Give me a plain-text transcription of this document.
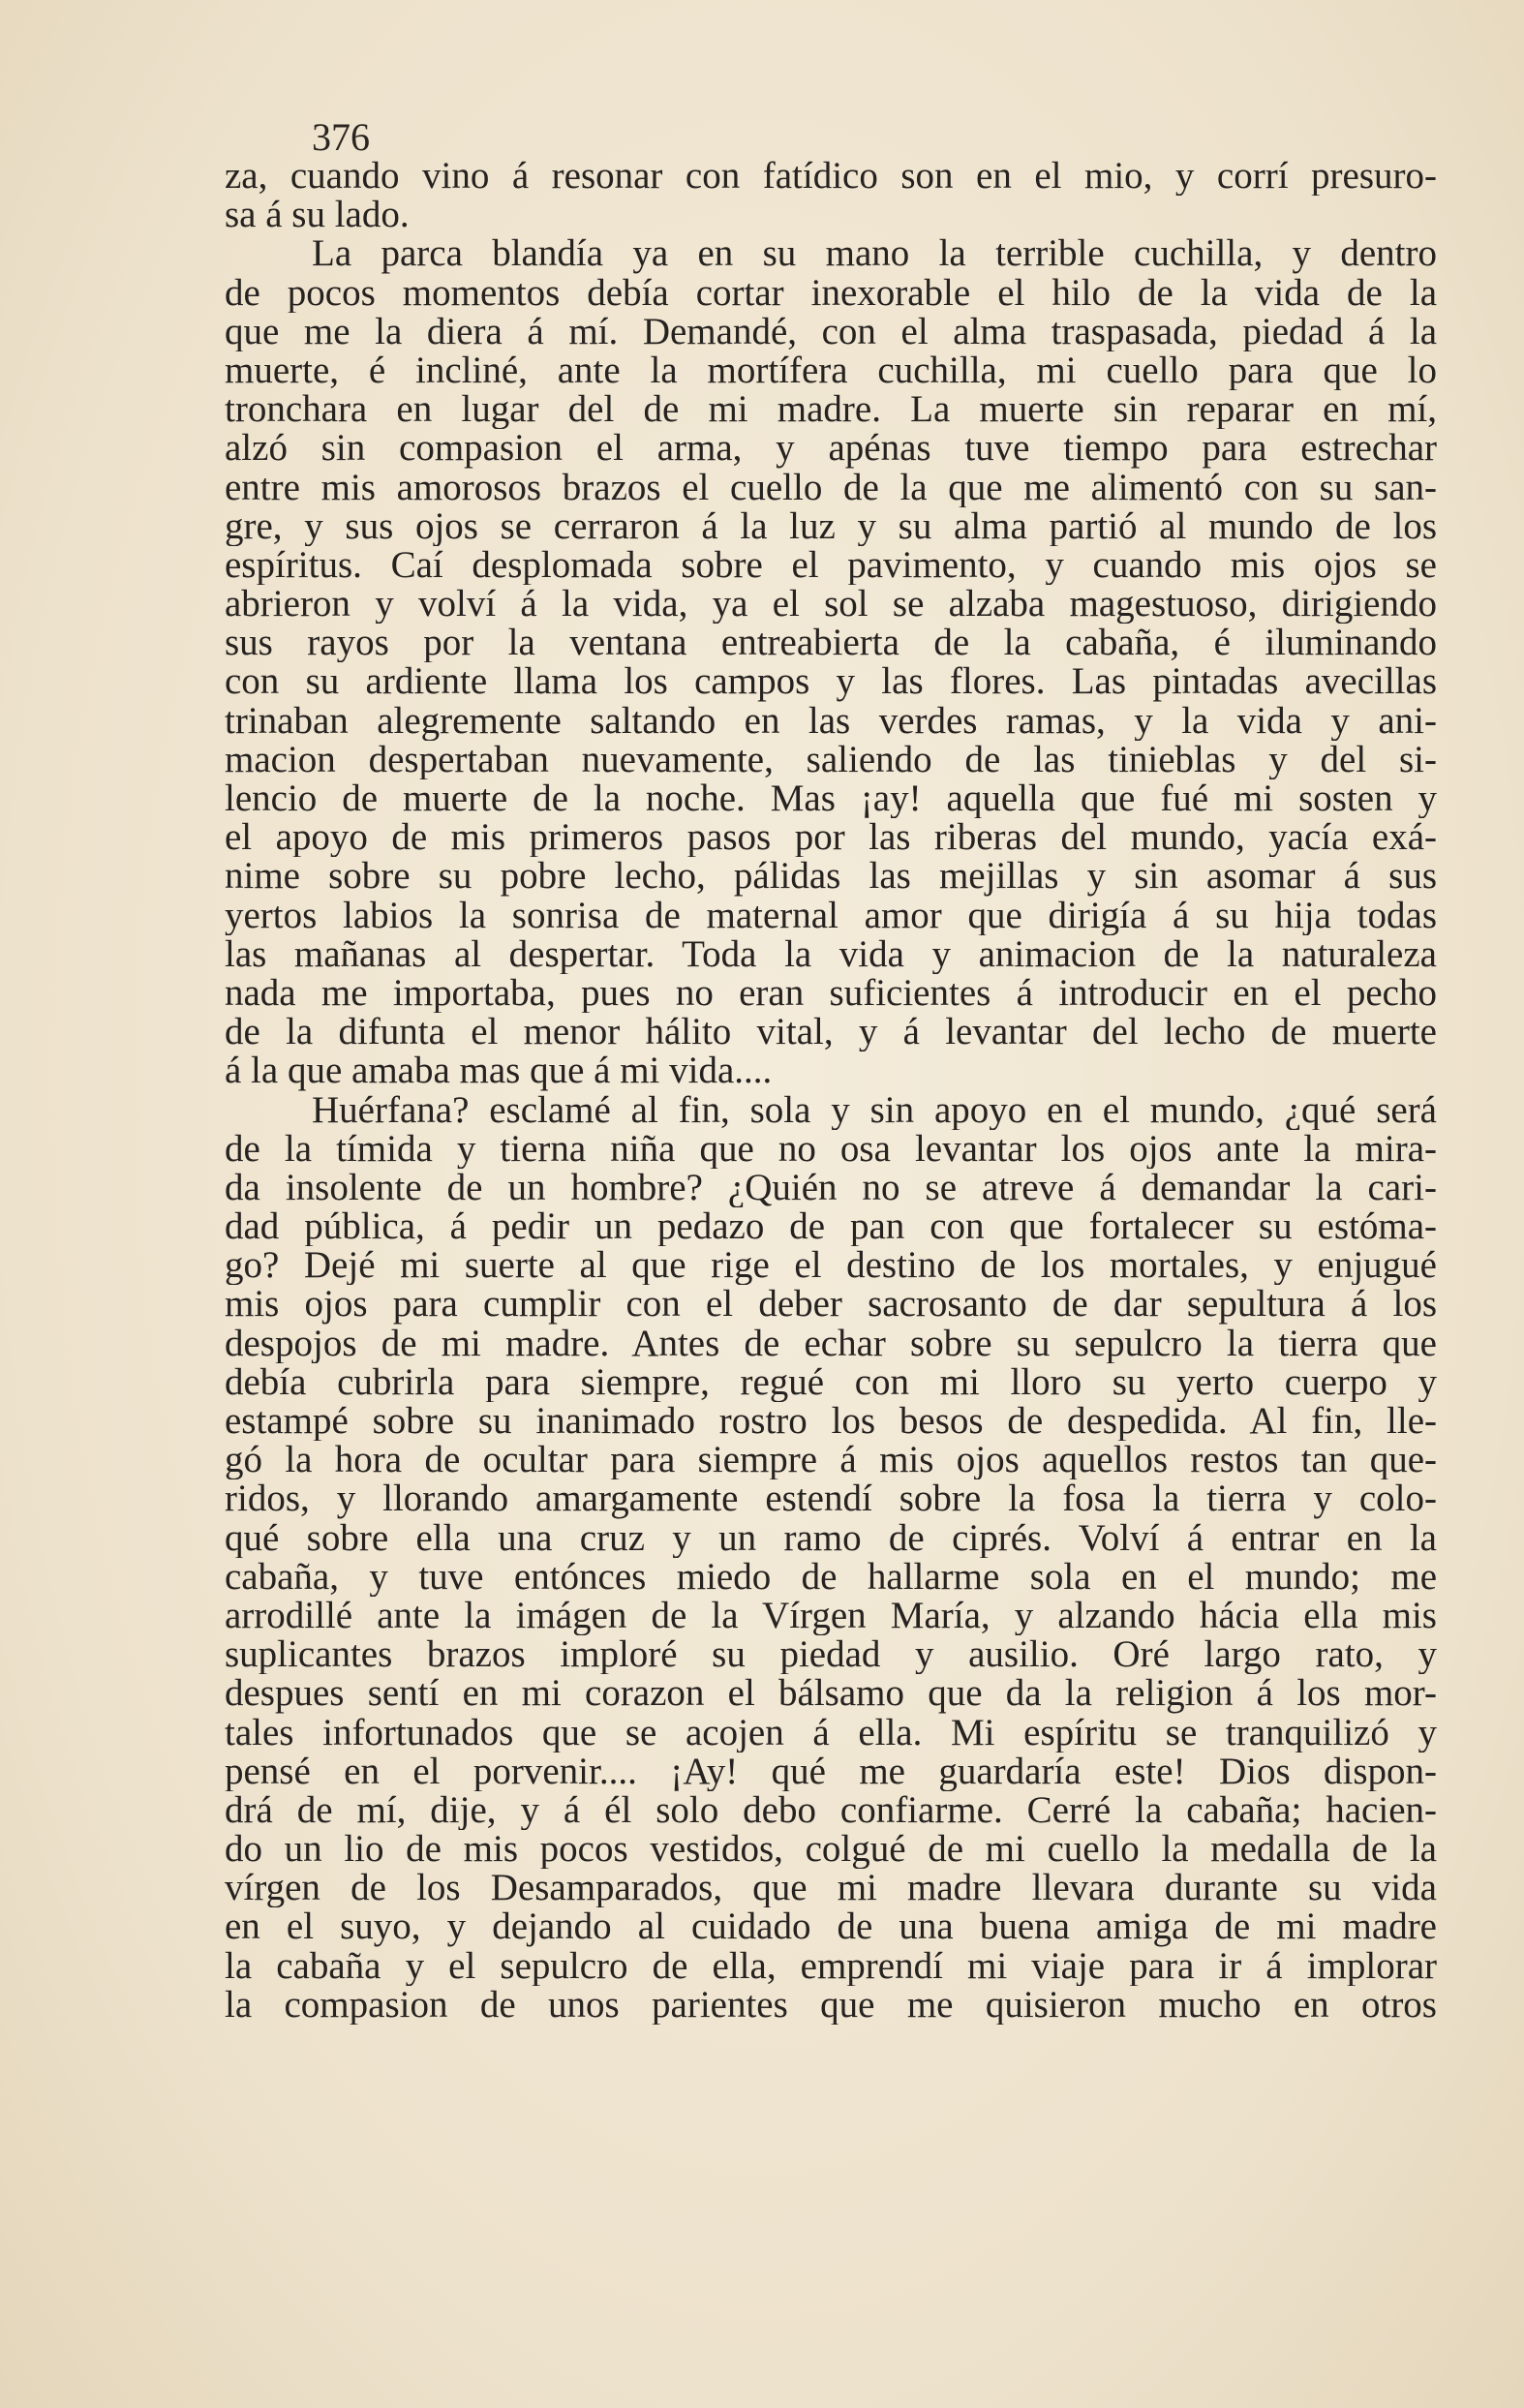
376
za, cuando vino á resonar con fatídico son en el mio, y corrí presuro-
sa á su lado.
La parca blandía ya en su mano la terrible cuchilla, y dentro
de pocos momentos debía cortar inexorable el hilo de la vida de la
que me la diera á mí. Demandé, con el alma traspasada, piedad á la
muerte, é incliné, ante la mortífera cuchilla, mi cuello para que lo
tronchara en lugar del de mi madre. La muerte sin reparar en mí,
alzó sin compasion el arma, y apénas tuve tiempo para estrechar
entre mis amorosos brazos el cuello de la que me alimentó con su san-
gre, y sus ojos se cerraron á la luz y su alma partió al mundo de los
espíritus. Caí desplomada sobre el pavimento, y cuando mis ojos se
abrieron y volví á la vida, ya el sol se alzaba magestuoso, dirigiendo
sus rayos por la ventana entreabierta de la cabaña, é iluminando
con su ardiente llama los campos y las flores. Las pintadas avecillas
trinaban alegremente saltando en las verdes ramas, y la vida y ani-
macion despertaban nuevamente, saliendo de las tinieblas y del si-
lencio de muerte de la noche. Mas ¡ay! aquella que fué mi sosten y
el apoyo de mis primeros pasos por las riberas del mundo, yacía exá-
nime sobre su pobre lecho, pálidas las mejillas y sin asomar á sus
yertos labios la sonrisa de maternal amor que dirigía á su hija todas
las mañanas al despertar. Toda la vida y animacion de la naturaleza
nada me importaba, pues no eran suficientes á introducir en el pecho
de la difunta el menor hálito vital, y á levantar del lecho de muerte
á la que amaba mas que á mi vida....
Huérfana? esclamé al fin, sola y sin apoyo en el mundo, ¿qué será
de la tímida y tierna niña que no osa levantar los ojos ante la mira-
da insolente de un hombre? ¿Quién no se atreve á demandar la cari-
dad pública, á pedir un pedazo de pan con que fortalecer su estóma-
go? Dejé mi suerte al que rige el destino de los mortales, y enjugué
mis ojos para cumplir con el deber sacrosanto de dar sepultura á los
despojos de mi madre. Antes de echar sobre su sepulcro la tierra que
debía cubrirla para siempre, regué con mi lloro su yerto cuerpo y
estampé sobre su inanimado rostro los besos de despedida. Al fin, lle-
gó la hora de ocultar para siempre á mis ojos aquellos restos tan que-
ridos, y llorando amargamente estendí sobre la fosa la tierra y colo-
qué sobre ella una cruz y un ramo de ciprés. Volví á entrar en la
cabaña, y tuve entónces miedo de hallarme sola en el mundo; me
arrodillé ante la imágen de la Vírgen María, y alzando hácia ella mis
suplicantes brazos imploré su piedad y ausilio. Oré largo rato, y
despues sentí en mi corazon el bálsamo que da la religion á los mor-
tales infortunados que se acojen á ella. Mi espíritu se tranquilizó y
pensé en el porvenir.... ¡Ay! qué me guardaría este! Dios dispon-
drá de mí, dije, y á él solo debo confiarme. Cerré la cabaña; hacien-
do un lio de mis pocos vestidos, colgué de mi cuello la medalla de la
vírgen de los Desamparados, que mi madre llevara durante su vida
en el suyo, y dejando al cuidado de una buena amiga de mi madre
la cabaña y el sepulcro de ella, emprendí mi viaje para ir á implorar
la compasion de unos parientes que me quisieron mucho en otros
